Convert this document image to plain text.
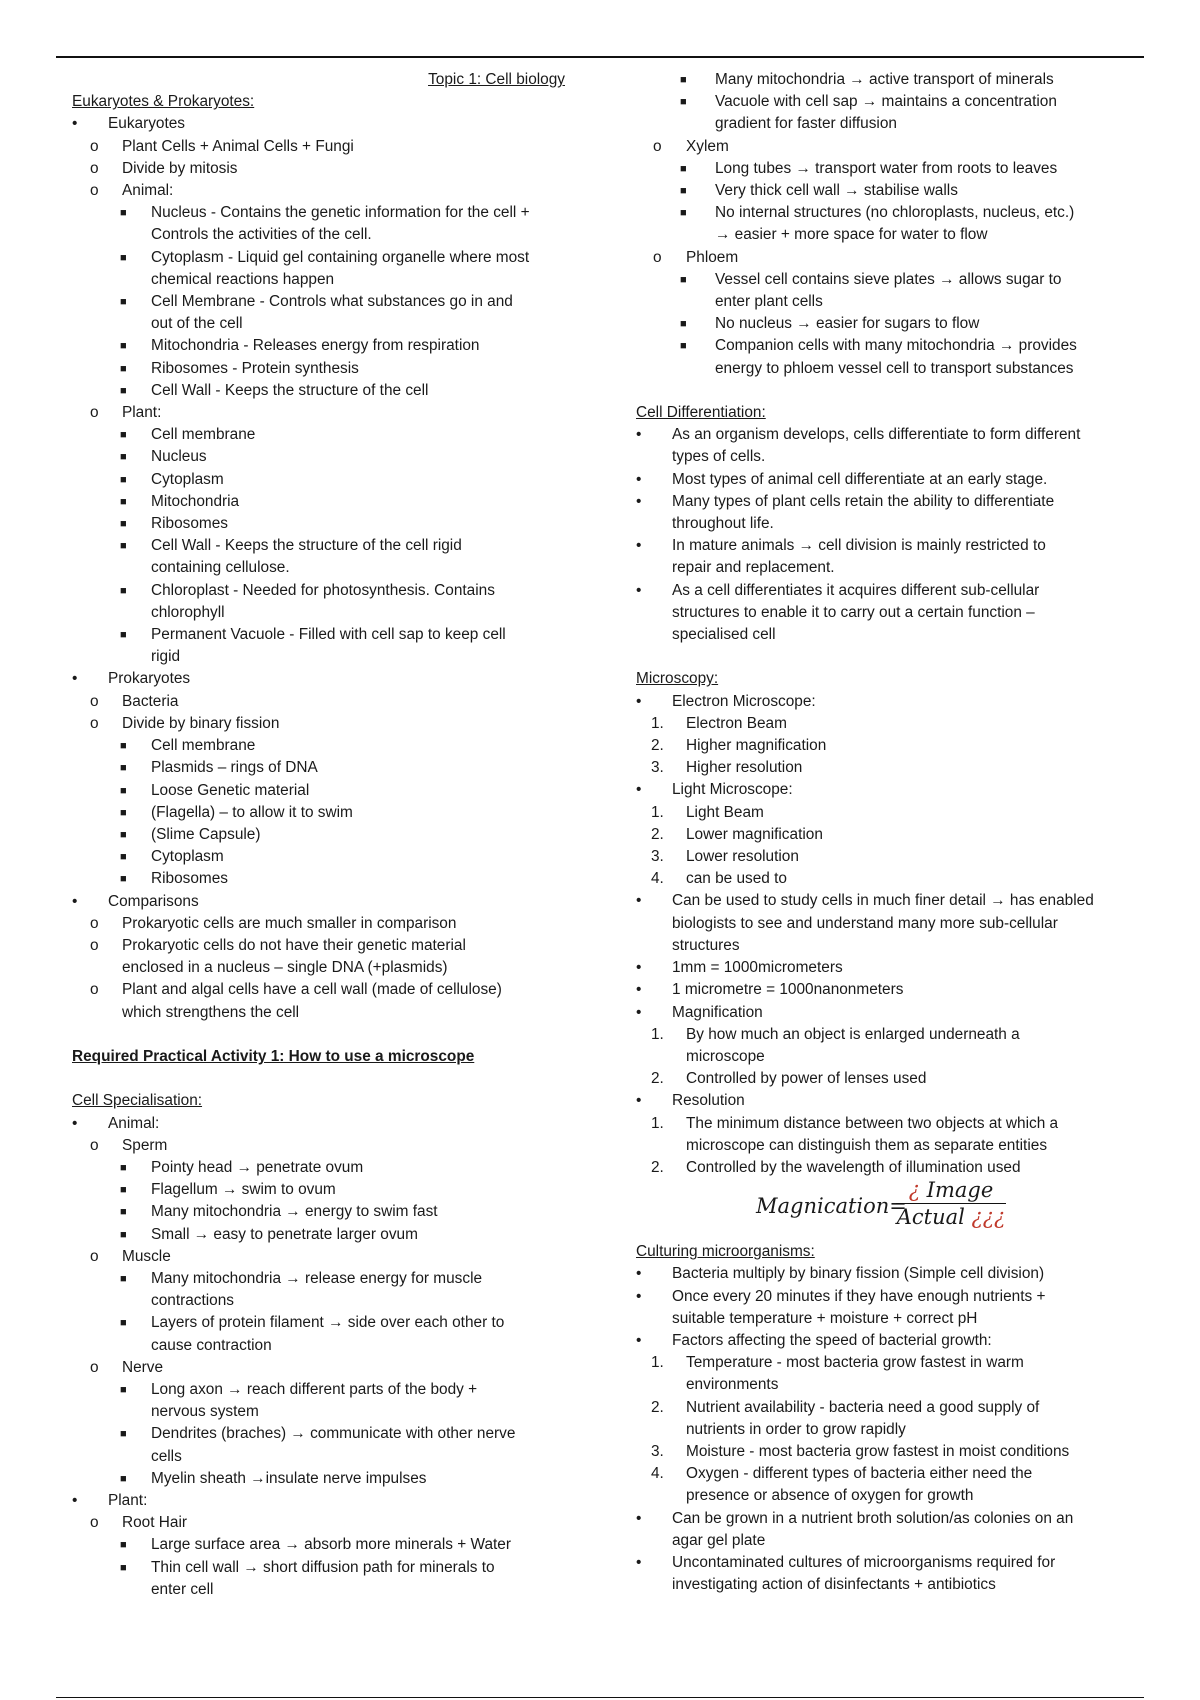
Topic 1: Cell biology
Eukaryotes & Prokaryotes:
•	Eukaryotes
o	Plant Cells + Animal Cells + Fungi
o	Divide by mitosis
o	Animal:
■	Nucleus - Contains the genetic information for the cell +
Controls the activities of the cell.
■	Cytoplasm - Liquid gel containing organelle where most
chemical reactions happen
■	Cell Membrane - Controls what substances go in and
out of the cell
■	Mitochondria - Releases energy from respiration
■	Ribosomes - Protein synthesis
■	Cell Wall - Keeps the structure of the cell
o	Plant:
■	Cell membrane
■	Nucleus
■	Cytoplasm
■	Mitochondria
■	Ribosomes
■	Cell Wall - Keeps the structure of the cell rigid
containing cellulose.
■	Chloroplast - Needed for photosynthesis. Contains
chlorophyll
■	Permanent Vacuole - Filled with cell sap to keep cell
rigid
•	Prokaryotes
o	Bacteria
o	Divide by binary fission
■	Cell membrane
■	Plasmids – rings of DNA
■	Loose Genetic material
■	(Flagella) – to allow it to swim
■	(Slime Capsule)
■	Cytoplasm
■	Ribosomes
•	Comparisons
o	Prokaryotic cells are much smaller in comparison
o	Prokaryotic cells do not have their genetic material
enclosed in a nucleus – single DNA (+plasmids)
o	Plant and algal cells have a cell wall (made of cellulose)
which strengthens the cell
Required Practical Activity 1: How to use a microscope
Cell Specialisation:
•	Animal:
o	Sperm
■	Pointy head → penetrate ovum
■	Flagellum → swim to ovum
■	Many mitochondria → energy to swim fast
■	Small → easy to penetrate larger ovum
o	Muscle
■	Many mitochondria → release energy for muscle
contractions
■	Layers of protein filament → side over each other to
cause contraction
o	Nerve
■	Long axon → reach different parts of the body +
nervous system
■	Dendrites (braches) → communicate with other nerve
cells
■	Myelin sheath →insulate nerve impulses
•	Plant:
o	Root Hair
■	Large surface area → absorb more minerals + Water
■	Thin cell wall → short diffusion path for minerals to
enter cell
■	Many mitochondria → active transport of minerals
■	Vacuole with cell sap → maintains a concentration
gradient for faster diffusion
o	Xylem
■	Long tubes → transport water from roots to leaves
■	Very thick cell wall → stabilise walls
■	No internal structures (no chloroplasts, nucleus, etc.)
→ easier + more space for water to flow
o	Phloem
■	Vessel cell contains sieve plates → allows sugar to
enter plant cells
■	No nucleus → easier for sugars to flow
■	Companion cells with many mitochondria → provides
energy to phloem vessel cell to transport substances
Cell Differentiation:
•	As an organism develops, cells differentiate to form different
types of cells.
•	Most types of animal cell differentiate at an early stage.
•	Many types of plant cells retain the ability to differentiate
throughout life.
•	In mature animals → cell division is mainly restricted to
repair and replacement.
•	As a cell differentiates it acquires different sub-cellular
structures to enable it to carry out a certain function –
specialised cell
Microscopy:
•	Electron Microscope:
1.	Electron Beam
2.	Higher magnification
3.	Higher resolution
•	Light Microscope:
1.	Light Beam
2.	Lower magnification
3.	Lower resolution
4.	can be used to
•	Can be used to study cells in much finer detail → has enabled
biologists to see and understand many more sub-cellular
structures
•	1mm = 1000micrometers
•	1 micrometre = 1000nanonmeters
•	Magnification
1.	By how much an object is enlarged underneath a
microscope
2.	Controlled by power of lenses used
•	Resolution
1.	The minimum distance between two objects at which a
microscope can distinguish them as separate entities
2.	Controlled by the wavelength of illumination used
Magnication=
¿ Image
Actual ¿¿¿
Culturing microorganisms:
•	Bacteria multiply by binary fission (Simple cell division)
•	Once every 20 minutes if they have enough nutrients +
suitable temperature + moisture + correct pH
•	Factors affecting the speed of bacterial growth:
1.	Temperature - most bacteria grow fastest in warm
environments
2.	Nutrient availability - bacteria need a good supply of
nutrients in order to grow rapidly
3.	Moisture - most bacteria grow fastest in moist conditions
4.	Oxygen - different types of bacteria either need the
presence or absence of oxygen for growth
•	Can be grown in a nutrient broth solution/as colonies on an
agar gel plate
•	Uncontaminated cultures of microorganisms required for
investigating action of disinfectants + antibiotics
